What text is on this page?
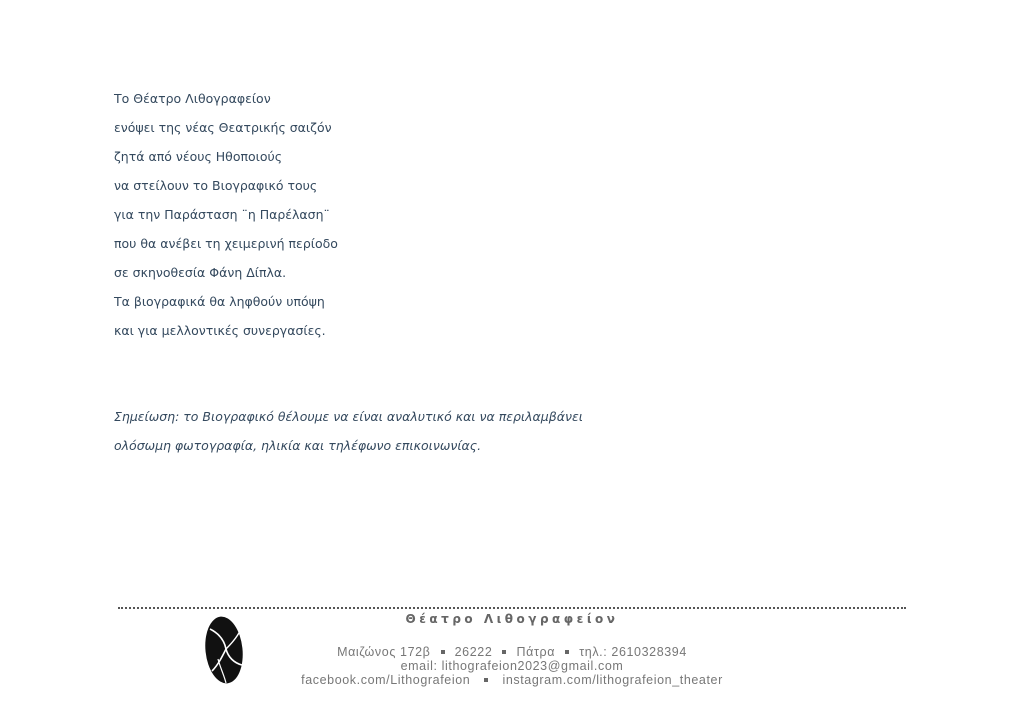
Το Θέατρο Λιθογραφείον
ενόψει της νέας Θεατρικής σαιζόν
ζητά από νέους Ηθοποιούς
να στείλουν το Βιογραφικό τους
για την Παράσταση ¨η Παρέλαση¨
που θα ανέβει τη χειμερινή περίοδο
σε σκηνοθεσία Φάνη Δίπλα.
Τα βιογραφικά θα ληφθούν υπόψη
και για μελλοντικές συνεργασίες.
Σημείωση: το Βιογραφικό θέλουμε να είναι αναλυτικό και να περιλαμβάνει
ολόσωμη φωτογραφία, ηλικία και τηλέφωνο επικοινωνίας.
Θέατρο Λιθογραφείον
Μαιζώνος 172β 26222 Πάτρα τηλ.: 2610328394
email: lithografeion2023@gmail.com
facebook.com/Lithografeion	instagram.com/lithografeion_theater
